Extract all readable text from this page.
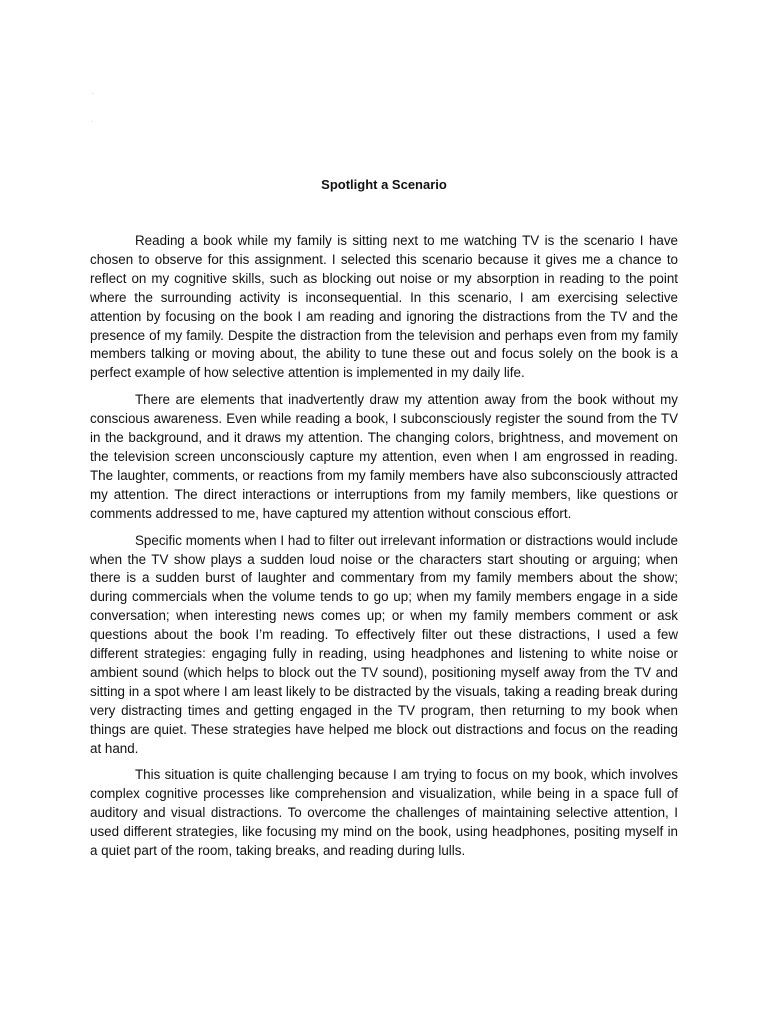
.
.
Spotlight a Scenario

Reading a book while my family is sitting next to me watching TV is the scenario I have chosen to observe for this assignment. I selected this scenario because it gives me a chance to reflect on my cognitive skills, such as blocking out noise or my absorption in reading to the point where the surrounding activity is inconsequential. In this scenario, I am exercising selective attention by focusing on the book I am reading and ignoring the distractions from the TV and the presence of my family. Despite the distraction from the television and perhaps even from my family members talking or moving about, the ability to tune these out and focus solely on the book is a perfect example of how selective attention is implemented in my daily life.

There are elements that inadvertently draw my attention away from the book without my conscious awareness. Even while reading a book, I subconsciously register the sound from the TV in the background, and it draws my attention. The changing colors, brightness, and movement on the television screen unconsciously capture my attention, even when I am engrossed in reading. The laughter, comments, or reactions from my family members have also subconsciously attracted my attention. The direct interactions or interruptions from my family members, like questions or comments addressed to me, have captured my attention without conscious effort.

Specific moments when I had to filter out irrelevant information or distractions would include when the TV show plays a sudden loud noise or the characters start shouting or arguing; when there is a sudden burst of laughter and commentary from my family members about the show; during commercials when the volume tends to go up; when my family members engage in a side conversation; when interesting news comes up; or when my family members comment or ask questions about the book I’m reading. To effectively filter out these distractions, I used a few different strategies: engaging fully in reading, using headphones and listening to white noise or ambient sound (which helps to block out the TV sound), positioning myself away from the TV and sitting in a spot where I am least likely to be distracted by the visuals, taking a reading break during very distracting times and getting engaged in the TV program, then returning to my book when things are quiet. These strategies have helped me block out distractions and focus on the reading at hand.

This situation is quite challenging because I am trying to focus on my book, which involves complex cognitive processes like comprehension and visualization, while being in a space full of auditory and visual distractions. To overcome the challenges of maintaining selective attention, I used different strategies, like focusing my mind on the book, using headphones, positing myself in a quiet part of the room, taking breaks, and reading during lulls.
